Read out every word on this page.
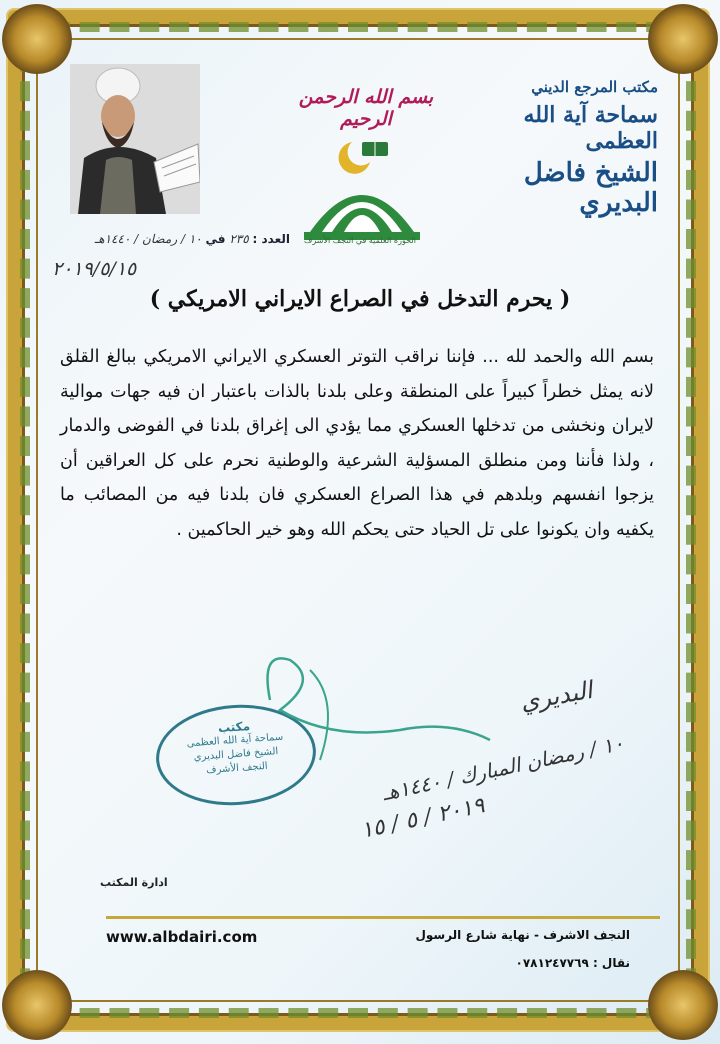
بسم الله الرحمن الرحيم
الحوزة العلمية في النجف الأشرف
مكتب المرجع الديني
سماحة آية الله العظمى
الشيخ فاضل البديري
العدد : ٢٣٥ في ١٠ / رمضان / ١٤٤٠هـ
٢٠١٩/٥/١٥
( يحرم التدخل في الصراع الايراني الامريكي )
بسم الله والحمد لله ... فإننا نراقب التوتر العسكري الايراني الامريكي ببالغ القلق لانه يمثل خطراً كبيراً على المنطقة وعلى بلدنا بالذات باعتبار ان فيه جهات موالية لايران ونخشى من تدخلها العسكري مما يؤدي الى إغراق بلدنا في الفوضى والدمار ، ولذا فأننا ومن منطلق المسؤلية الشرعية والوطنية نحرم على كل العراقين أن يزجوا انفسهم وبلدهم في هذا الصراع العسكري فان بلدنا فيه من المصائب ما يكفيه وان يكونوا على تل الحياد حتى يحكم الله وهو خير الحاكمين .
مكتب
سماحة آية الله العظمى
الشيخ فاضل البديري
النجف الأشرف
البديري
١٠ / رمضان المبارك / ١٤٤٠هـ
٢٠١٩ / ٥ / ١٥
ادارة المكتب
www.albdairi.com	النجف الاشرف - نهاية شارع الرسول
نقال : ٠٧٨١٢٤٧٧٦٩
